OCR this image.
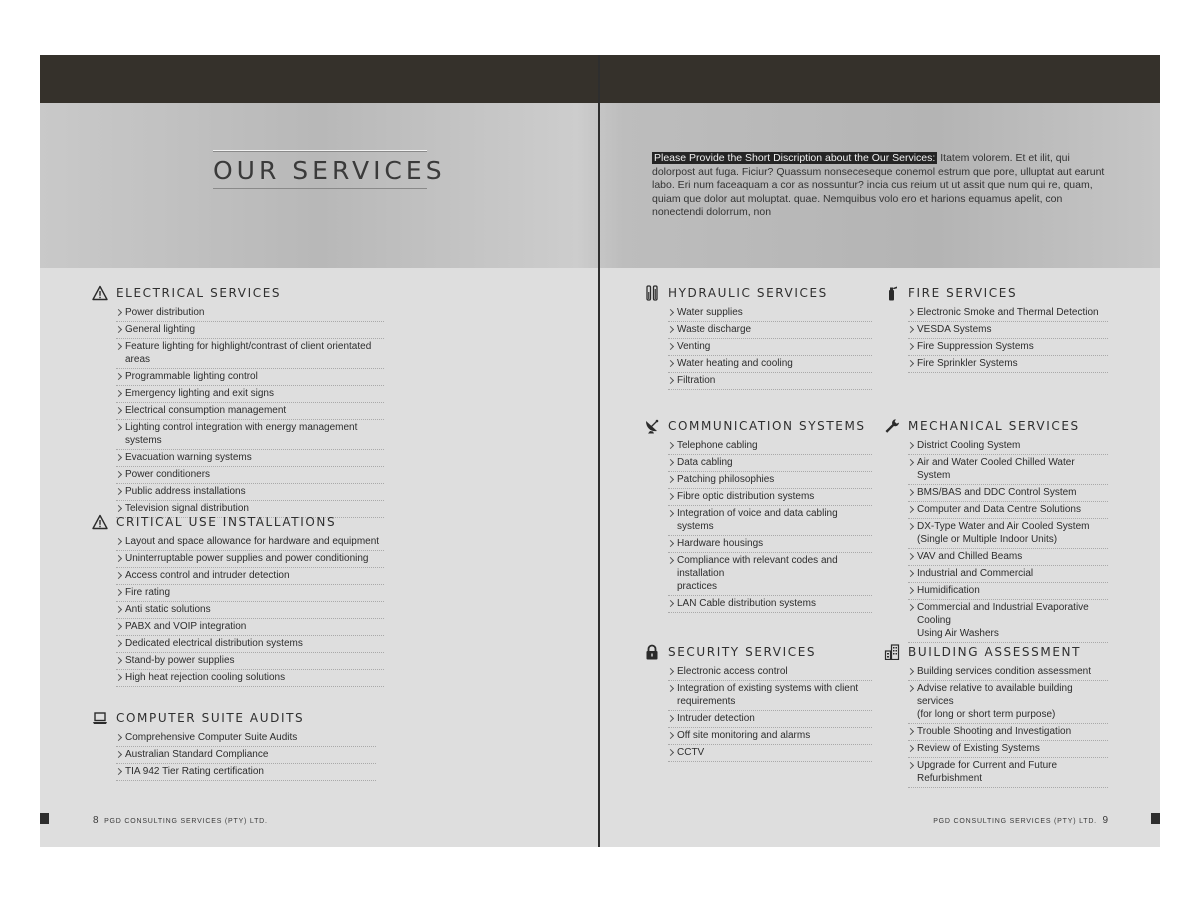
OUR SERVICES	Please Provide the Short Discription about the Our Services: Itatem volorem. Et et ilit, qui dolorpost aut fuga. Ficiur? Quassum nonseceseque conemol estrum que pore, ulluptat aut earunt labo. Eri num faceaquam a cor as nossuntur? incia cus reium ut ut assit que num qui re, quam, quiam que dolor aut moluptat. quae. Nemquibus volo ero et harions equamus apelit, con nonectendi dolorrum, non
ELECTRICAL SERVICES
Power distribution
General lighting
Feature lighting for highlight/contrast of client orientated areas
Programmable lighting control
Emergency lighting and exit signs
Electrical consumption management
Lighting control integration with energy management systems
Evacuation warning systems
Power conditioners
Public address installations
Television signal distribution
CRITICAL USE INSTALLATIONS
Layout and space allowance for hardware and equipment
Uninterruptable power supplies and power conditioning
Access control and intruder detection
Fire rating
Anti static solutions
PABX and VOIP integration
Dedicated electrical distribution systems
Stand-by power supplies
High heat rejection cooling solutions
COMPUTER SUITE AUDITS
Comprehensive Computer Suite Audits
Australian Standard Compliance
TIA 942 Tier Rating certification
HYDRAULIC SERVICES
Water supplies
Waste discharge
Venting
Water heating and cooling
Filtration
FIRE SERVICES
Electronic Smoke and Thermal Detection
VESDA Systems
Fire Suppression Systems
Fire Sprinkler Systems
COMMUNICATION SYSTEMS
Telephone cabling
Data cabling
Patching philosophies
Fibre optic distribution systems
Integration of voice and data cabling systems
Hardware housings
Compliance with relevant codes and installation
practices
LAN Cable distribution systems
MECHANICAL SERVICES
District Cooling System
Air and Water Cooled Chilled Water System
BMS/BAS and DDC Control System
Computer and Data Centre Solutions
DX-Type Water and Air Cooled System
(Single or Multiple Indoor Units)
VAV and Chilled Beams
Industrial and Commercial
Humidification
Commercial and Industrial Evaporative Cooling
Using Air Washers
SECURITY SERVICES
Electronic access control
Integration of existing systems with client
requirements
Intruder detection
Off site monitoring and alarms
CCTV
BUILDING ASSESSMENT
Building services condition assessment
Advise relative to available building services
(for long or short term purpose)
Trouble Shooting and Investigation
Review of Existing Systems
Upgrade for Current and Future Refurbishment
8 PGD CONSULTING SERVICES (PTY) LTD.	PGD CONSULTING SERVICES (PTY) LTD. 9
